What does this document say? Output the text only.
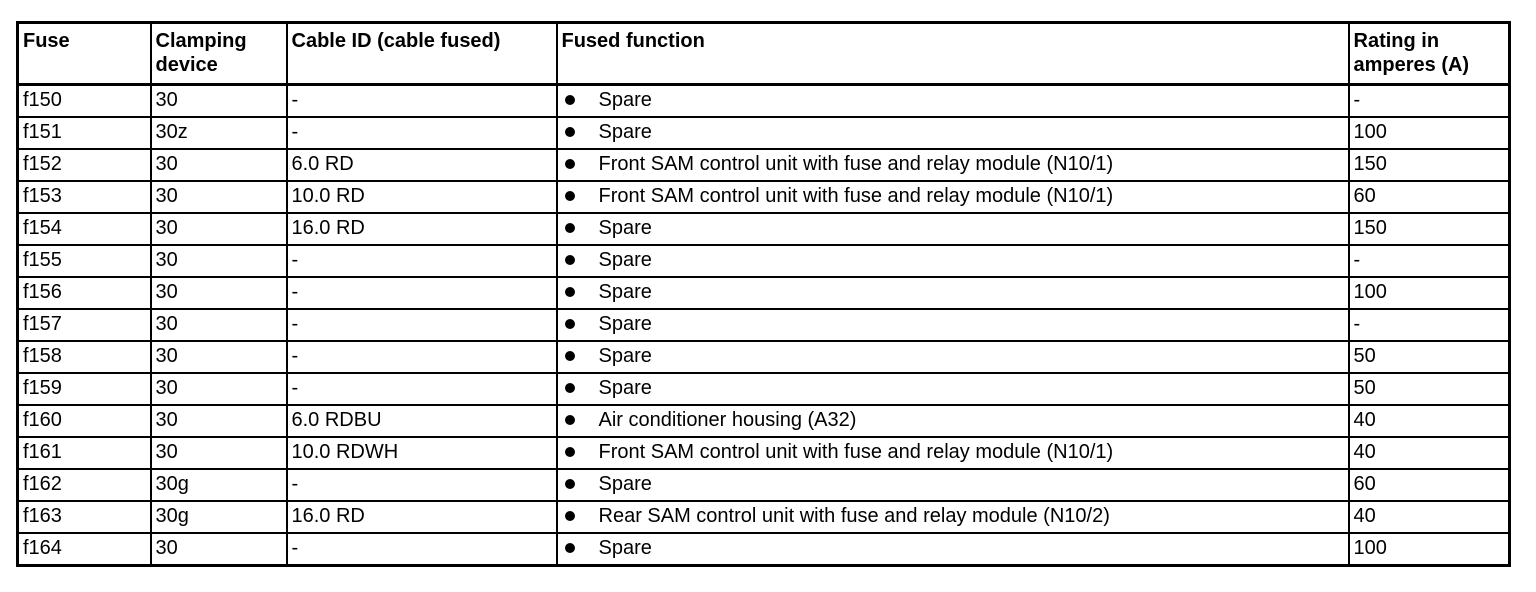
Fuse	Clamping device	Cable ID (cable fused)	Fused function	Rating in amperes (A)
f150	30	-	Spare	-
f151	30z	-	Spare	100
f152	30	6.0 RD	Front SAM control unit with fuse and relay module (N10/1)	150
f153	30	10.0 RD	Front SAM control unit with fuse and relay module (N10/1)	60
f154	30	16.0 RD	Spare	150
f155	30	-	Spare	-
f156	30	-	Spare	100
f157	30	-	Spare	-
f158	30	-	Spare	50
f159	30	-	Spare	50
f160	30	6.0 RDBU	Air conditioner housing (A32)	40
f161	30	10.0 RDWH	Front SAM control unit with fuse and relay module (N10/1)	40
f162	30g	-	Spare	60
f163	30g	16.0 RD	Rear SAM control unit with fuse and relay module (N10/2)	40
f164	30	-	Spare	100
